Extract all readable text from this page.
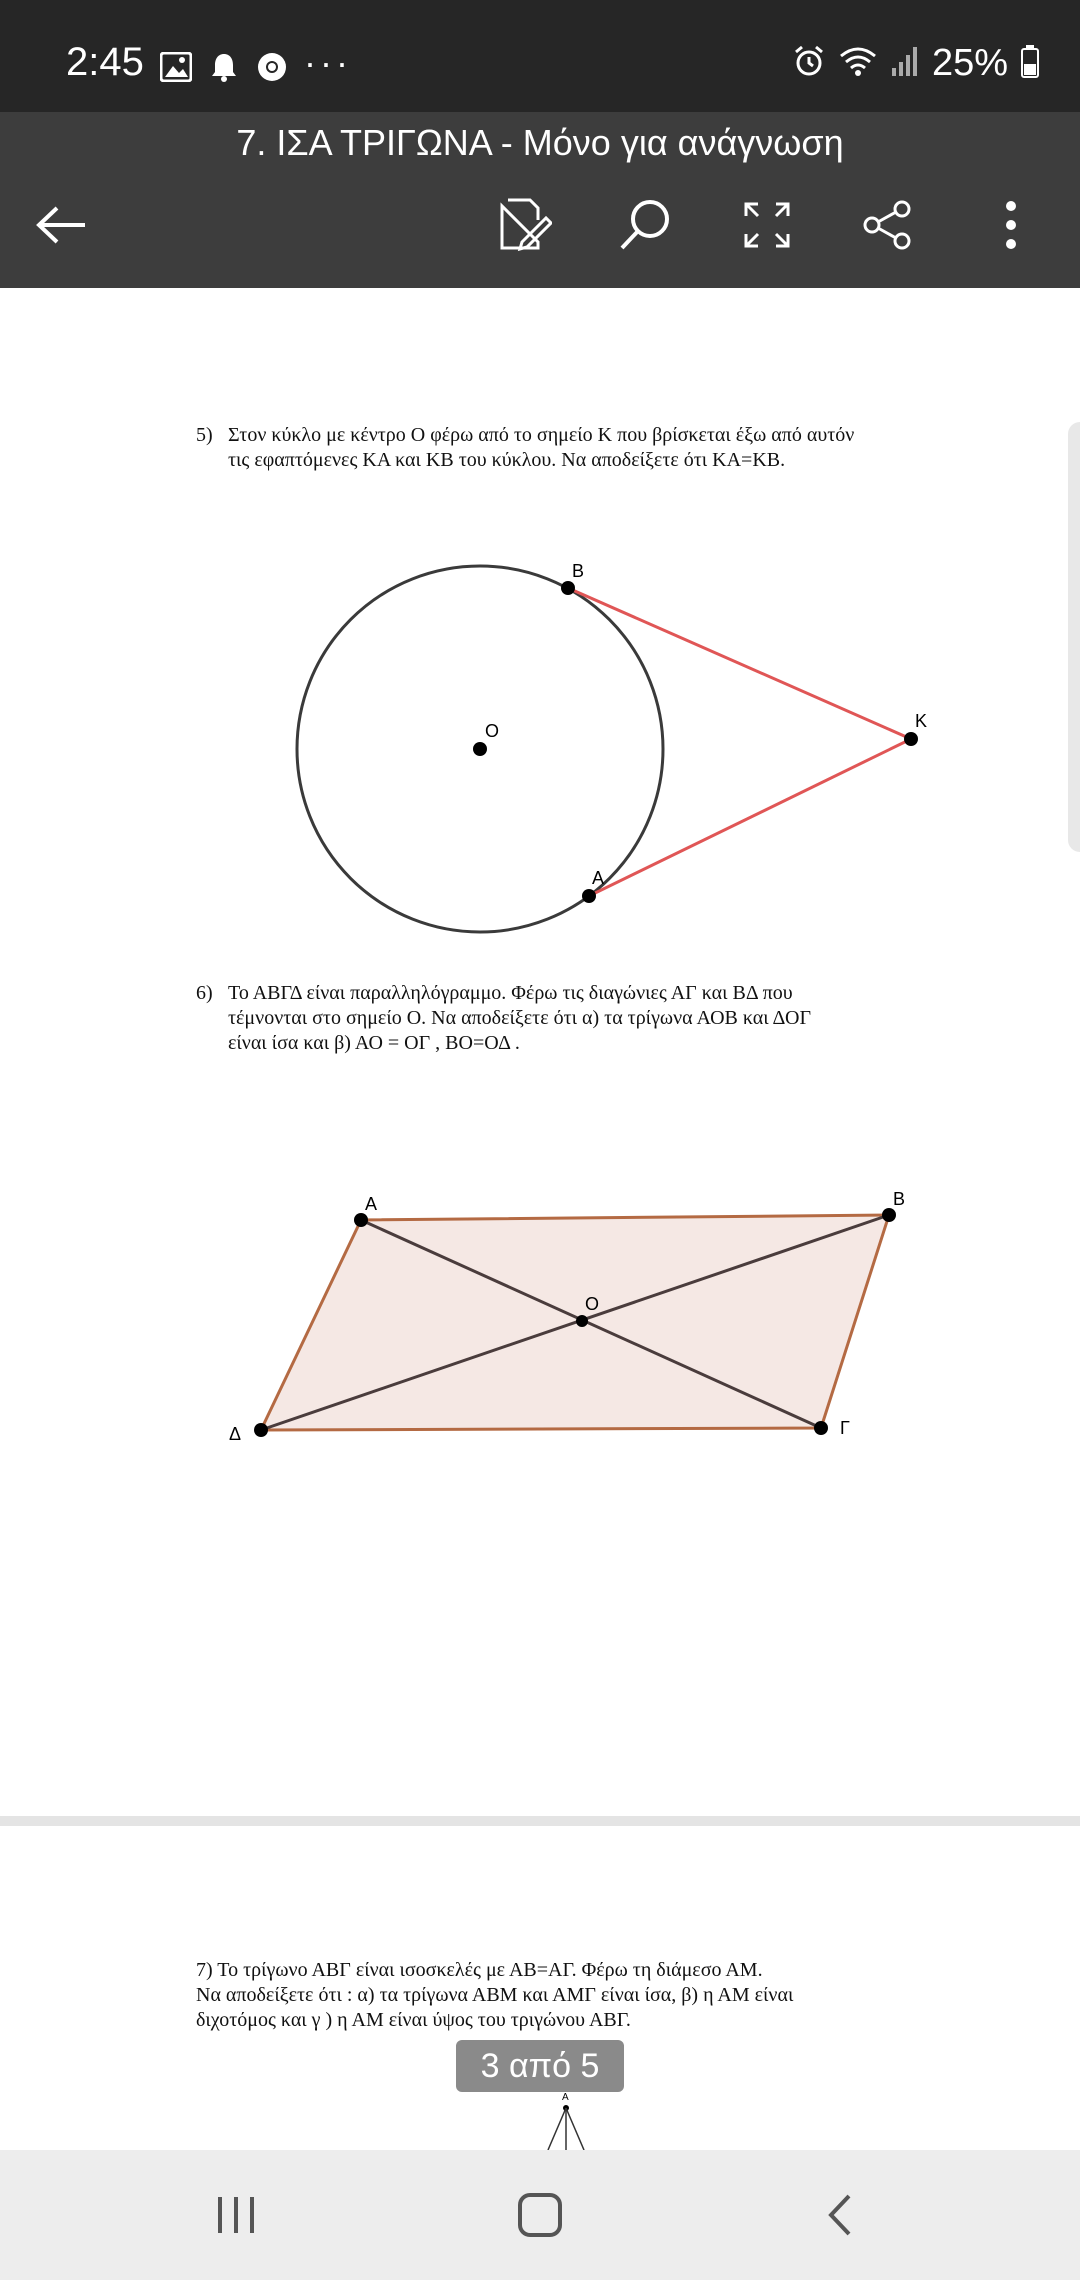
2:45	···	25%
7. ΙΣΑ ΤΡΙΓΩΝΑ - Μόνο για ανάγνωση
5) Στον κύκλο με κέντρο Ο φέρω από το σημείο Κ που βρίσκεται έξω από αυτόν
τις εφαπτόμενες ΚΑ και ΚΒ του κύκλου. Να αποδείξετε ότι ΚΑ=ΚΒ.
B
O	K
A
6) Το ΑΒΓΔ είναι παραλληλόγραμμο. Φέρω τις διαγώνιες ΑΓ και ΒΔ που
τέμνονται στο σημείο Ο. Να αποδείξετε ότι α) τα τρίγωνα ΑΟΒ και ΔΟΓ
είναι ίσα και β) ΑΟ = ΟΓ , ΒΟ=ΟΔ .
A	B
Γ
Δ
O
7) Το τρίγωνο ΑΒΓ είναι ισοσκελές με ΑΒ=ΑΓ. Φέρω τη διάμεσο ΑΜ.
Να αποδείξετε ότι : α) τα τρίγωνα ΑΒΜ και ΑΜΓ είναι ίσα, β) η ΑΜ είναι
διχοτόμος και γ ) η ΑΜ είναι ύψος του τριγώνου ΑΒΓ.
A
3 από 5
